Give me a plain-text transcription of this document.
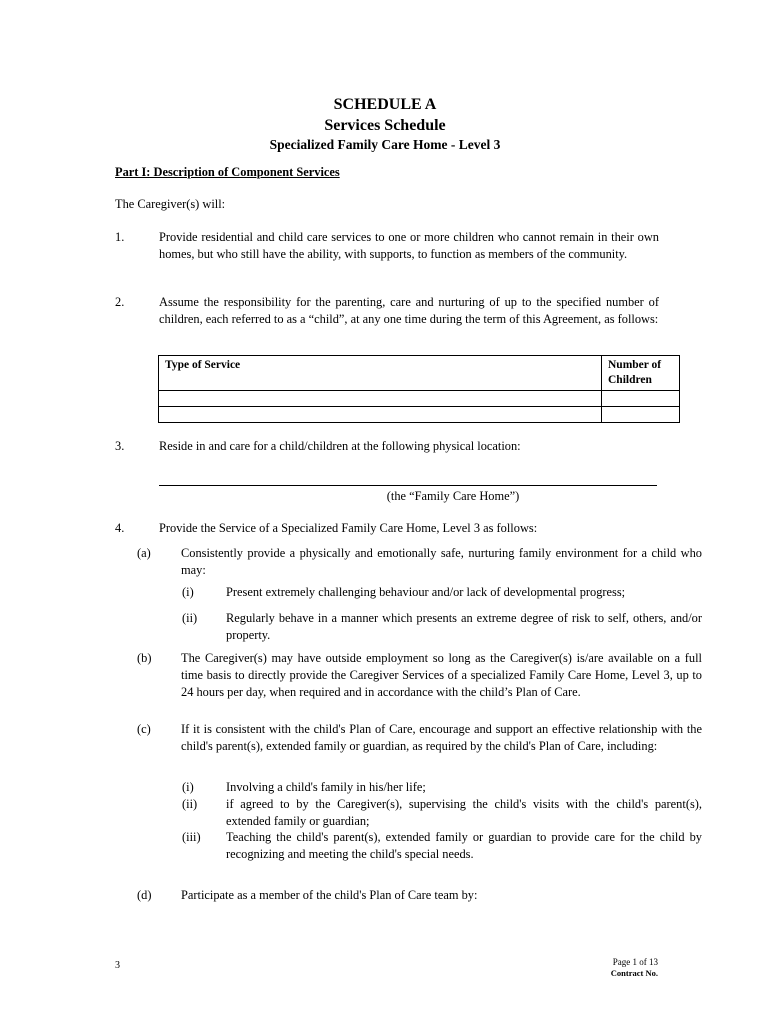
SCHEDULE A
Services Schedule
Specialized Family Care Home - Level 3
Part I: Description of Component Services
The Caregiver(s) will:
1.	Provide residential and child care services to one or more children who cannot remain in their own homes, but who still have the ability, with supports, to function as members of the community.
2.	Assume the responsibility for the parenting, care and nurturing of up to the specified number of children, each referred to as a “child”, at any one time during the term of this Agreement, as follows:
Type of Service	Number of Children

3.	Reside in and care for a child/children at the following physical location:
(the “Family Care Home”)
4.	Provide the Service of a Specialized Family Care Home, Level 3 as follows:
(a) Consistently provide a physically and emotionally safe, nurturing family environment for a child who may:
(i)	Present extremely challenging behaviour and/or lack of developmental progress;
(ii) Regularly behave in a manner which presents an extreme degree of risk to self, others, and/or property.
(b) The Caregiver(s) may have outside employment so long as the Caregiver(s) is/are available on a full time basis to directly provide the Caregiver Services of a specialized Family Care Home, Level 3, up to 24 hours per day, when required and in accordance with the child’s Plan of Care.
(c) If it is consistent with the child's Plan of Care, encourage and support an effective relationship with the child's parent(s), extended family or guardian, as required by the child's Plan of Care, including:
(i)	Involving a child's family in his/her life;
(ii) if agreed to by the Caregiver(s), supervising the child's visits with the child's parent(s), extended family or guardian;
(iii) Teaching the child's parent(s), extended family or guardian to provide care for the child by recognizing and meeting the child's special needs.
(d) Participate as a member of the child's Plan of Care team by:
3	Page 1 of 13
Contract No.
